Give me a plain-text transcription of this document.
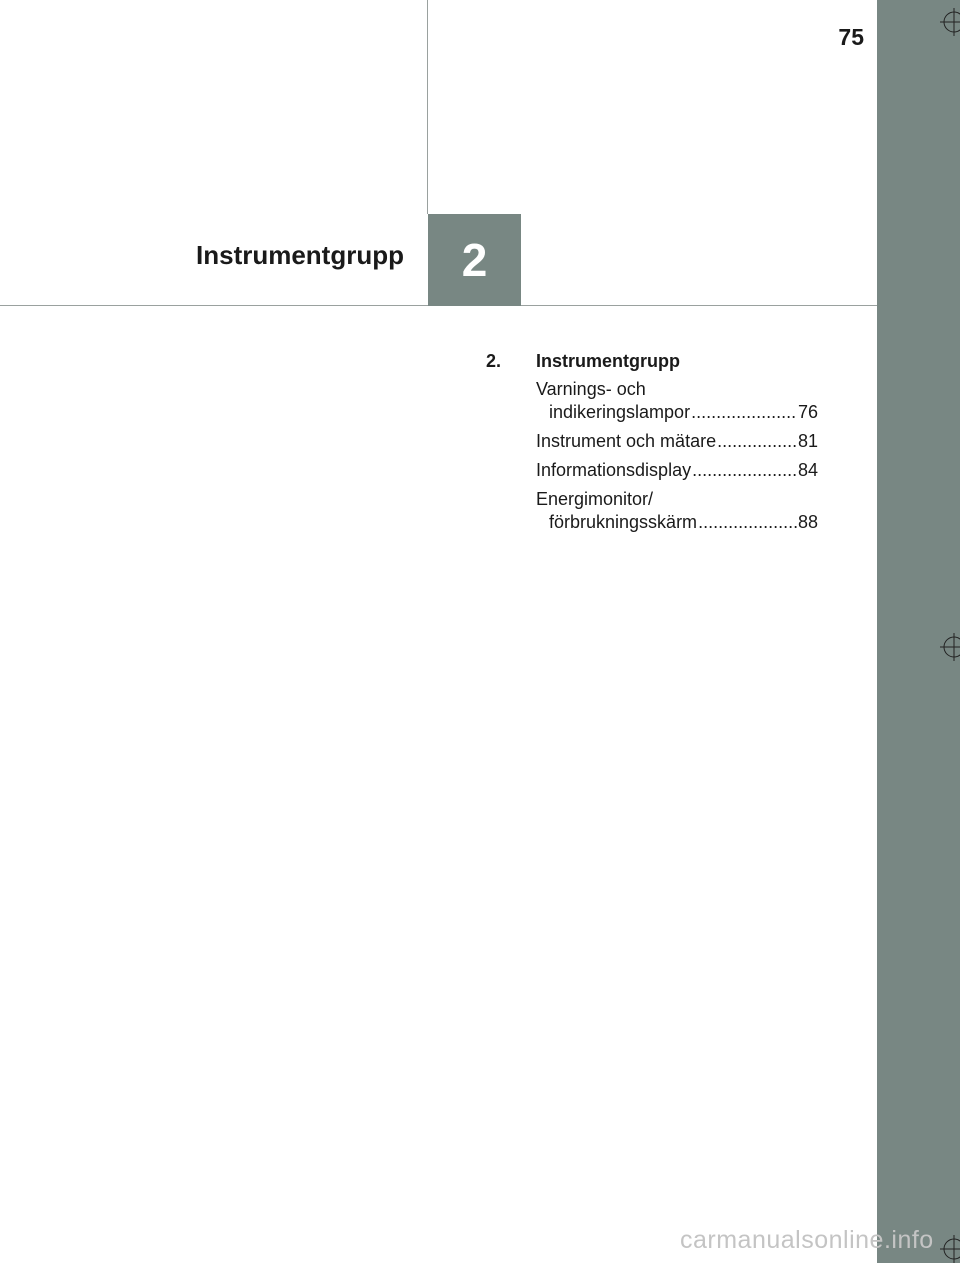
75
Instrumentgrupp 2
2.	Instrumentgrupp
Varnings- och
indikeringslampor .....	76
Instrument och mätare .....	81
Informationsdisplay .....	84
Energimonitor/
förbrukningsskärm .....	88
carmanualsonline.info
